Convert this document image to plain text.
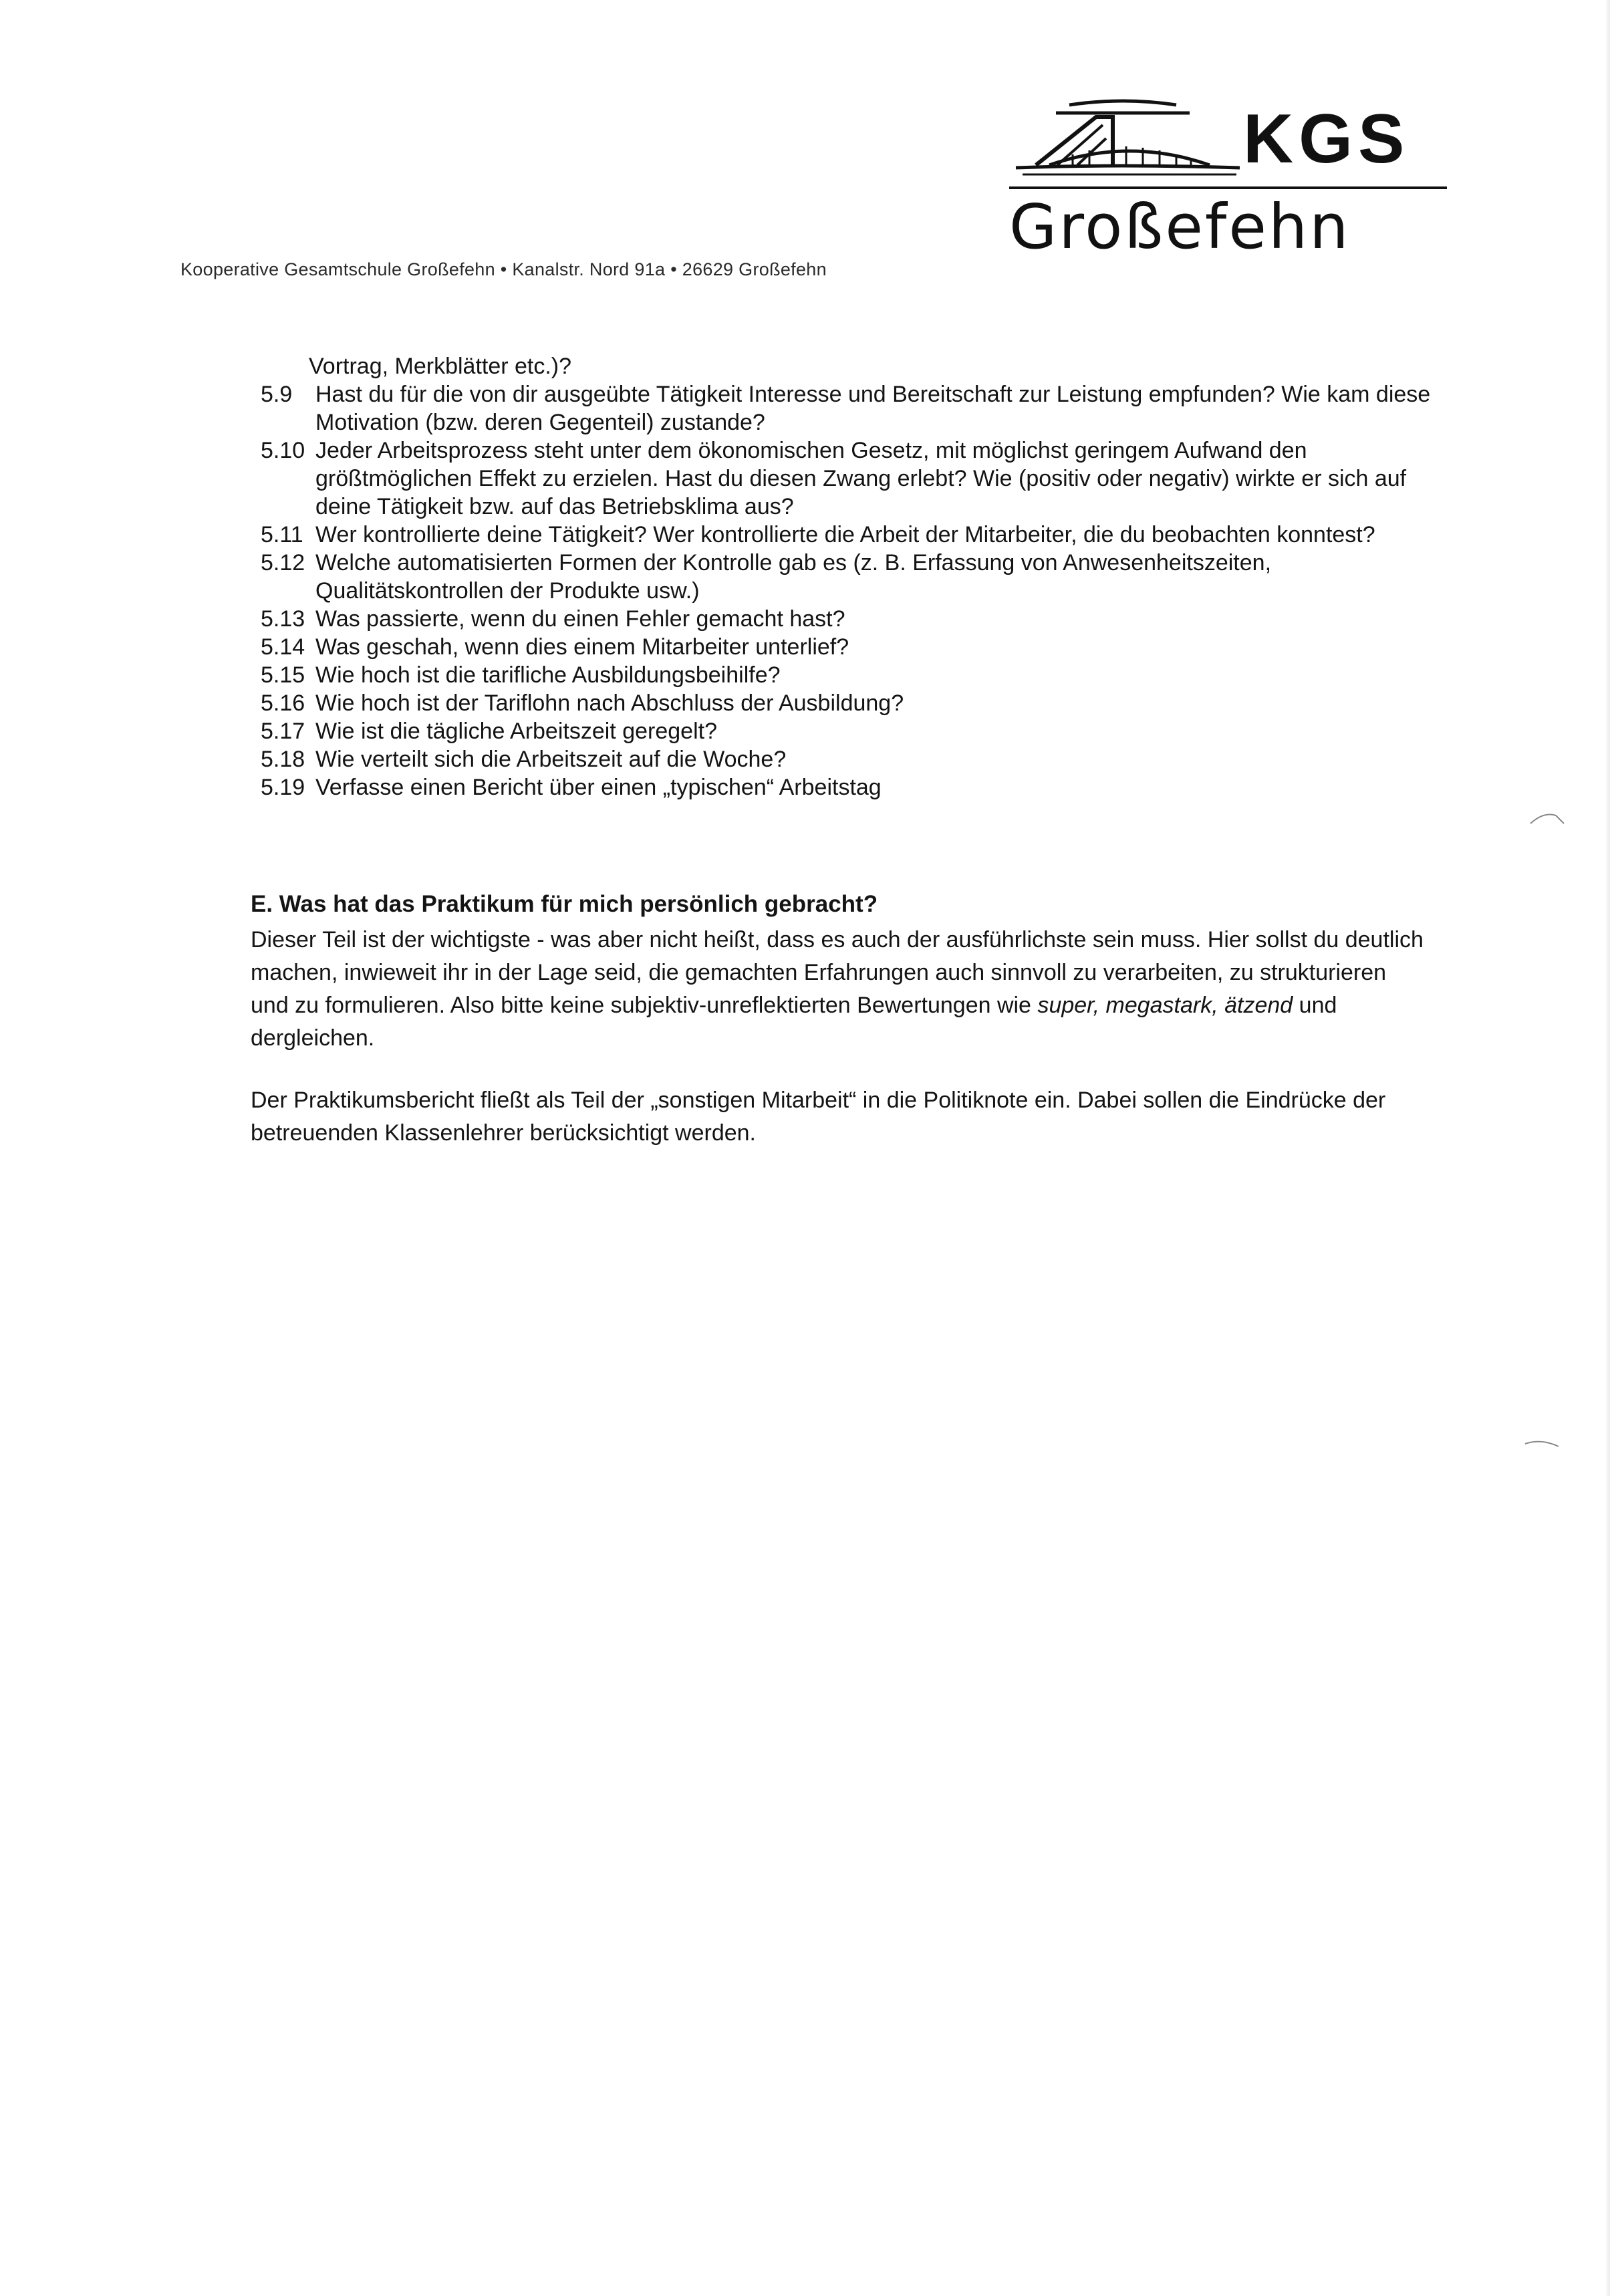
KGS
Großefehn
Kooperative Gesamtschule Großefehn • Kanalstr. Nord 91a • 26629 Großefehn
Vortrag, Merkblätter etc.)?
5.9	Hast du für die von dir ausgeübte Tätigkeit Interesse und Bereitschaft zur Leistung empfunden? Wie kam diese Motivation (bzw. deren Gegenteil) zustande?
5.10 Jeder Arbeitsprozess steht unter dem ökonomischen Gesetz, mit möglichst geringem Aufwand den größtmöglichen Effekt zu erzielen. Hast du diesen Zwang erlebt? Wie (positiv oder negativ) wirkte er sich auf deine Tätigkeit bzw. auf das Betriebsklima aus?
5.11 Wer kontrollierte deine Tätigkeit? Wer kontrollierte die Arbeit der Mitarbeiter, die du beobachten konntest?
5.12 Welche automatisierten Formen der Kontrolle gab es (z. B. Erfassung von Anwesenheitszeiten, Qualitätskontrollen der Produkte usw.)
5.13 Was passierte, wenn du einen Fehler gemacht hast?
5.14 Was geschah, wenn dies einem Mitarbeiter unterlief?
5.15 Wie hoch ist die tarifliche Ausbildungsbeihilfe?
5.16 Wie hoch ist der Tariflohn nach Abschluss der Ausbildung?
5.17 Wie ist die tägliche Arbeitszeit geregelt?
5.18 Wie verteilt sich die Arbeitszeit auf die Woche?
5.19 Verfasse einen Bericht über einen „typischen“ Arbeitstag
E. Was hat das Praktikum für mich persönlich gebracht?

Dieser Teil ist der wichtigste - was aber nicht heißt, dass es auch der ausführlichste sein muss. Hier sollst du deutlich machen, inwieweit ihr in der Lage seid, die gemachten Erfahrungen auch sinnvoll zu verarbeiten, zu strukturieren und zu formulieren. Also bitte keine subjektiv-unreflektierten Bewertungen wie super, megastark, ätzend und dergleichen.

Der Praktikumsbericht fließt als Teil der „sonstigen Mitarbeit“ in die Politiknote ein. Dabei sollen die Eindrücke der betreuenden Klassenlehrer berücksichtigt werden.
